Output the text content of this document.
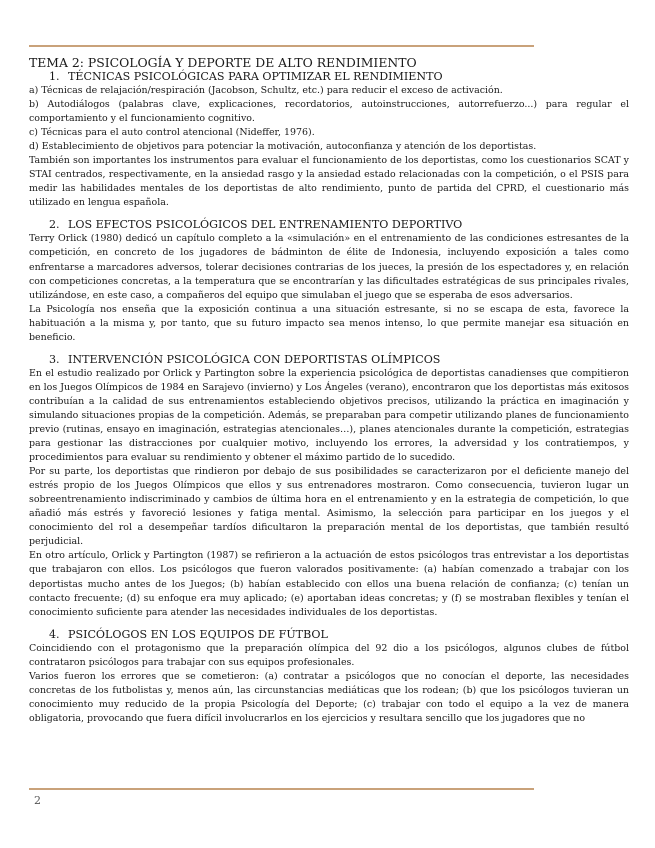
TEMA 2: PSICOLOGÍA Y DEPORTE DE ALTO RENDIMIENTO
1. TÉCNICAS PSICOLÓGICAS PARA OPTIMIZAR EL RENDIMIENTO

a) Técnicas de relajación/respiración (Jacobson, Schultz, etc.) para reducir el exceso de activación.

b) Autodiálogos (palabras clave, explicaciones, recordatorios, autoinstrucciones, autorrefuerzo...) para regular el comportamiento y el funcionamiento cognitivo.

c) Técnicas para el auto control atencional (Nideffer, 1976).

d) Establecimiento de objetivos para potenciar la motivación, autoconfianza y atención de los deportistas.

También son importantes los instrumentos para evaluar el funcionamiento de los deportistas, como los cuestionarios SCAT y STAI centrados, respectivamente, en la ansiedad rasgo y la ansiedad estado relacionadas con la competición, o el PSIS para medir las habilidades mentales de los deportistas de alto rendimiento, punto de partida del CPRD, el cuestionario más utilizado en lengua española.

2. LOS EFECTOS PSICOLÓGICOS DEL ENTRENAMIENTO DEPORTIVO

Terry Orlick (1980) dedicó un capítulo completo a la «simulación» en el entrenamiento de las condiciones estresantes de la competición, en concreto de los jugadores de bádminton de élite de Indonesia, incluyendo exposición a tales como enfrentarse a marcadores adversos, tolerar decisiones contrarias de los jueces, la presión de los espectadores y, en relación con competiciones concretas, a la temperatura que se encontrarían y las dificultades estratégicas de sus principales rivales, utilizándose, en este caso, a compañeros del equipo que simulaban el juego que se esperaba de esos adversarios.

La Psicología nos enseña que la exposición continua a una situación estresante, si no se escapa de esta, favorece la habituación a la misma y, por tanto, que su futuro impacto sea menos intenso, lo que permite manejar esa situación en beneficio.

3. INTERVENCIÓN PSICOLÓGICA CON DEPORTISTAS OLÍMPICOS

En el estudio realizado por Orlick y Partington sobre la experiencia psicológica de deportistas canadienses que compitieron en los Juegos Olímpicos de 1984 en Sarajevo (invierno) y Los Ángeles (verano), encontraron que los deportistas más exitosos contribuían a la calidad de sus entrenamientos estableciendo objetivos precisos, utilizando la práctica en imaginación y simulando situaciones propias de la competición. Además, se preparaban para competir utilizando planes de funcionamiento previo (rutinas, ensayo en imaginación, estrategias atencionales…), planes atencionales durante la competición, estrategias para gestionar las distracciones por cualquier motivo, incluyendo los errores, la adversidad y los contratiempos, y procedimientos para evaluar su rendimiento y obtener el máximo partido de lo sucedido.

Por su parte, los deportistas que rindieron por debajo de sus posibilidades se caracterizaron por el deficiente manejo del estrés propio de los Juegos Olímpicos que ellos y sus entrenadores mostraron. Como consecuencia, tuvieron lugar un sobreentrenamiento indiscriminado y cambios de última hora en el entrenamiento y en la estrategia de competición, lo que añadió más estrés y favoreció lesiones y fatiga mental. Asimismo, la selección para participar en los juegos y el conocimiento del rol a desempeñar tardíos dificultaron la preparación mental de los deportistas, que también resultó perjudicial.

En otro artículo, Orlick y Partington (1987) se refirieron a la actuación de estos psicólogos tras entrevistar a los deportistas que trabajaron con ellos. Los psicólogos que fueron valorados positivamente: (a) habían comenzado a trabajar con los deportistas mucho antes de los Juegos; (b) habían establecido con ellos una buena relación de confianza; (c) tenían un contacto frecuente; (d) su enfoque era muy aplicado; (e) aportaban ideas concretas; y (f) se mostraban flexibles y tenían el conocimiento suficiente para atender las necesidades individuales de los deportistas.

4. PSICÓLOGOS EN LOS EQUIPOS DE FÚTBOL

Coincidiendo con el protagonismo que la preparación olímpica del 92 dio a los psicólogos, algunos clubes de fútbol contrataron psicólogos para trabajar con sus equipos profesionales.

Varios fueron los errores que se cometieron: (a) contratar a psicólogos que no conocían el deporte, las necesidades concretas de los futbolistas y, menos aún, las circunstancias mediáticas que los rodean; (b) que los psicólogos tuvieran un conocimiento muy reducido de la propia Psicología del Deporte; (c) trabajar con todo el equipo a la vez de manera obligatoria, provocando que fuera difícil involucrarlos en los ejercicios y resultara sencillo que los jugadores que no

2
